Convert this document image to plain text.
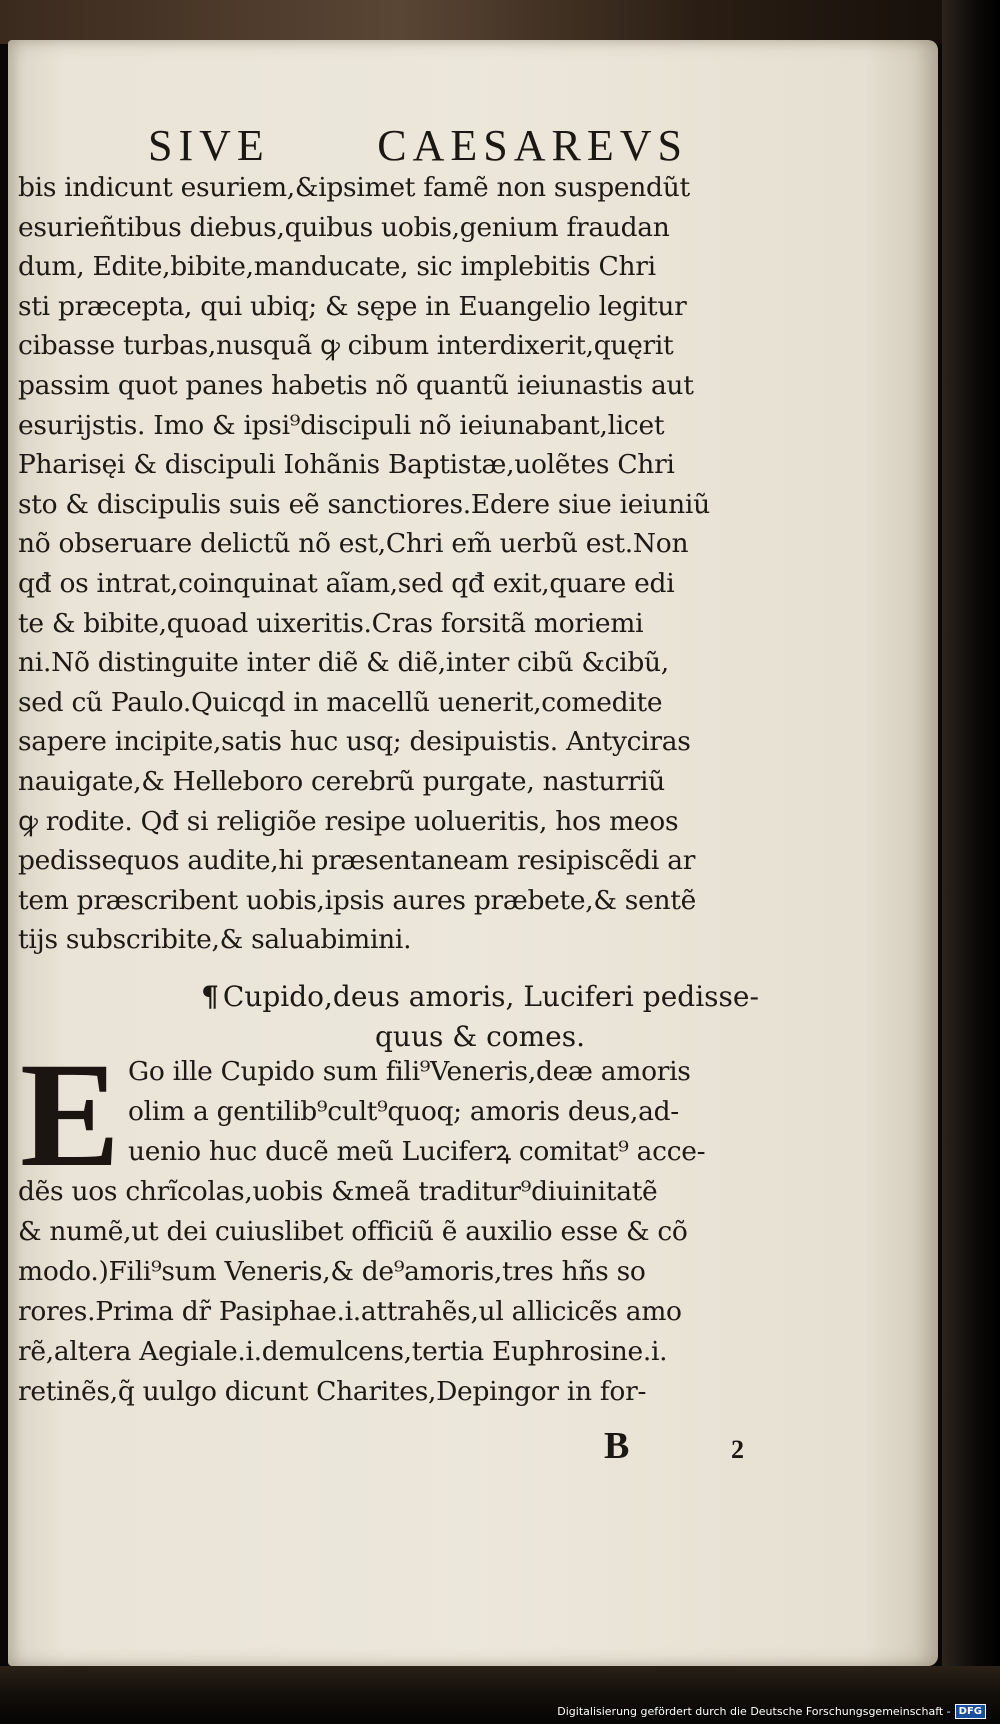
SIVE CAESAREVS
bis indicunt esuriem,&ipsimet famẽ non suspendũt
esurieñtibus diebus,quibus uobis,genium fraudan
dum, Edite,bibite,manducate, sic implebitis Chri
sti præcepta, qui ubiq; & sępe in Euangelio legitur
cibasse turbas,nusquã ꝙ cibum interdixerit,quęrit
passim quot panes habetis nõ quantũ ieiunastis aut
esurijstis. Imo & ipsi⁹discipuli nõ ieiunabant,licet
Pharisęi & discipuli Iohãnis Baptistæ,uolẽtes Chri
sto & discipulis suis eẽ sanctiores.Edere siue ieiuniũ
nõ obseruare delictũ nõ est,Chri em̃ uerbũ est.Non
qđ os intrat,coinquinat aĩam,sed qđ exit,quare edi
te & bibite,quoad uixeritis.Cras forsitã moriemi
ni.Nõ distinguite inter diẽ & diẽ,inter cibũ &cibũ,
sed cũ Paulo.Quicqd in macellũ uenerit,comedite
sapere incipite,satis huc usq; desipuistis. Antyciras
nauigate,& Helleboro cerebrũ purgate, nasturriũ
ꝙ rodite. Qđ si religiõe resipe uolueritis, hos meos
pedissequos audite,hi præsentaneam resipiscẽdi ar
tem præscribent uobis,ipsis aures præbete,& sentẽ
tijs subscribite,& saluabimini.
¶ Cupido,deus amoris, Luciferi pedisse-
quus & comes.
E Go ille Cupido sum fili⁹Veneris,deæ amoris
olim a gentilib⁹cult⁹quoq; amoris deus,ad-
uenio huc ducẽ meũ Luciferꝝ comitat⁹ acce-
dẽs uos chrĩcolas,uobis &meã traditur⁹diuinitatẽ
& numẽ,ut dei cuiuslibet officiũ ẽ auxilio esse & cõ
modo.)Fili⁹sum Veneris,& de⁹amoris,tres hñs so
rores.Prima dr̃ Pasiphae.i.attrahẽs,ul allicicẽs amo
rẽ,altera Aegiale.i.demulcens,tertia Euphrosine.i.
retinẽs,q̃ uulgo dicunt Charites,Depingor in for-
B	2
Digitalisierung gefördert durch die Deutsche Forschungsgemeinschaft - DFG
